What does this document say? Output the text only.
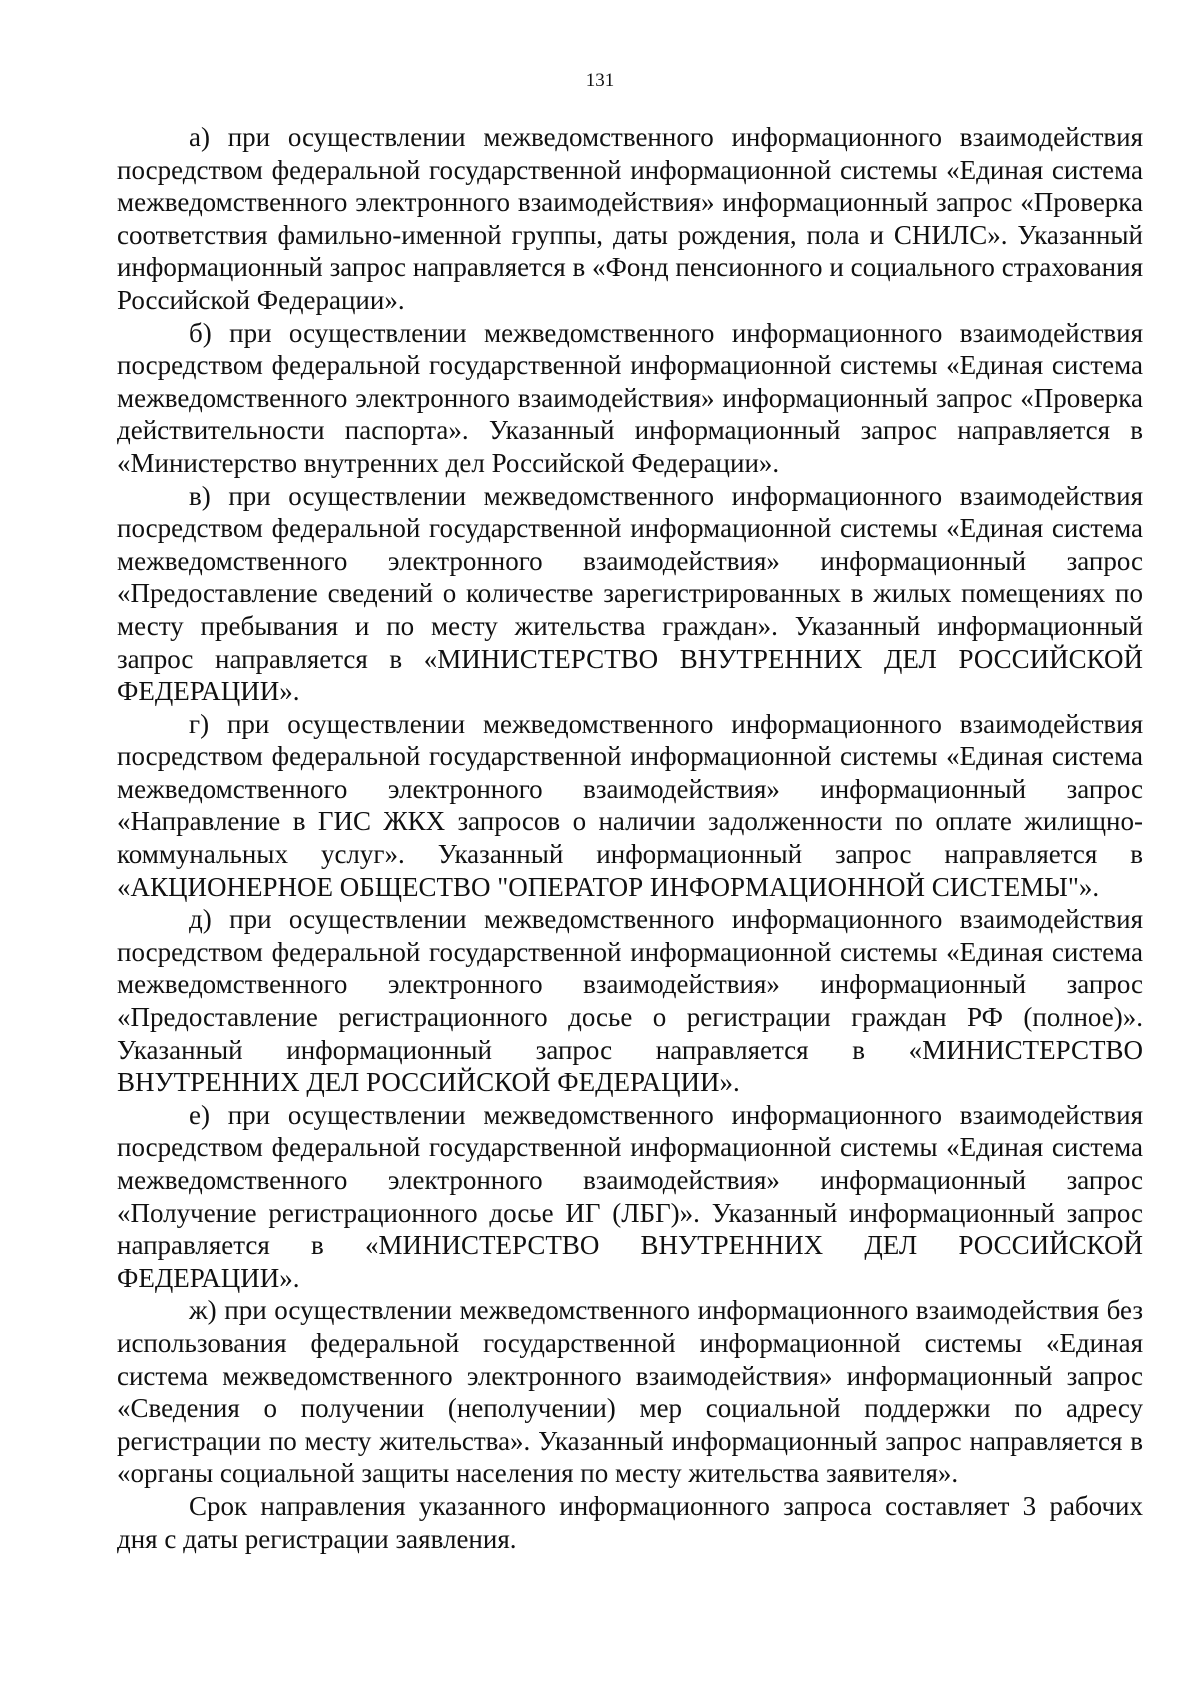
131

а) при осуществлении межведомственного информационного взаимодействия посредством федеральной государственной информационной системы «Единая система межведомственного электронного взаимодействия» информационный запрос «Проверка соответствия фамильно-именной группы, даты рождения, пола и СНИЛС». Указанный информационный запрос направляется в «Фонд пенсионного и социального страхования Российской Федерации».

б) при осуществлении межведомственного информационного взаимодействия посредством федеральной государственной информационной системы «Единая система межведомственного электронного взаимодействия» информационный запрос «Проверка действительности паспорта». Указанный информационный запрос направляется в «Министерство внутренних дел Российской Федерации».

в) при осуществлении межведомственного информационного взаимодействия посредством федеральной государственной информационной системы «Единая система межведомственного электронного взаимодействия» информационный запрос «Предоставление сведений о количестве зарегистрированных в жилых помещениях по месту пребывания и по месту жительства граждан». Указанный информационный запрос направляется в «МИНИСТЕРСТВО ВНУТРЕННИХ ДЕЛ РОССИЙСКОЙ ФЕДЕРАЦИИ».

г) при осуществлении межведомственного информационного взаимодействия посредством федеральной государственной информационной системы «Единая система межведомственного электронного взаимодействия» информационный запрос «Направление в ГИС ЖКХ запросов о наличии задолженности по оплате жилищно-коммунальных услуг». Указанный информационный запрос направляется в «АКЦИОНЕРНОЕ ОБЩЕСТВО "ОПЕРАТОР ИНФОРМАЦИОННОЙ СИСТЕМЫ"».

д) при осуществлении межведомственного информационного взаимодействия посредством федеральной государственной информационной системы «Единая система межведомственного электронного взаимодействия» информационный запрос «Предоставление регистрационного досье о регистрации граждан РФ (полное)». Указанный информационный запрос направляется в «МИНИСТЕРСТВО ВНУТРЕННИХ ДЕЛ РОССИЙСКОЙ ФЕДЕРАЦИИ».

е) при осуществлении межведомственного информационного взаимодействия посредством федеральной государственной информационной системы «Единая система межведомственного электронного взаимодействия» информационный запрос «Получение регистрационного досье ИГ (ЛБГ)». Указанный информационный запрос направляется в «МИНИСТЕРСТВО ВНУТРЕННИХ ДЕЛ РОССИЙСКОЙ ФЕДЕРАЦИИ».

ж) при осуществлении межведомственного информационного взаимодействия без использования федеральной государственной информационной системы «Единая система межведомственного электронного взаимодействия» информационный запрос «Сведения о получении (неполучении) мер социальной поддержки по адресу регистрации по месту жительства». Указанный информационный запрос направляется в «органы социальной защиты населения по месту жительства заявителя».

Срок направления указанного информационного запроса составляет 3 рабочих дня с даты регистрации заявления.
